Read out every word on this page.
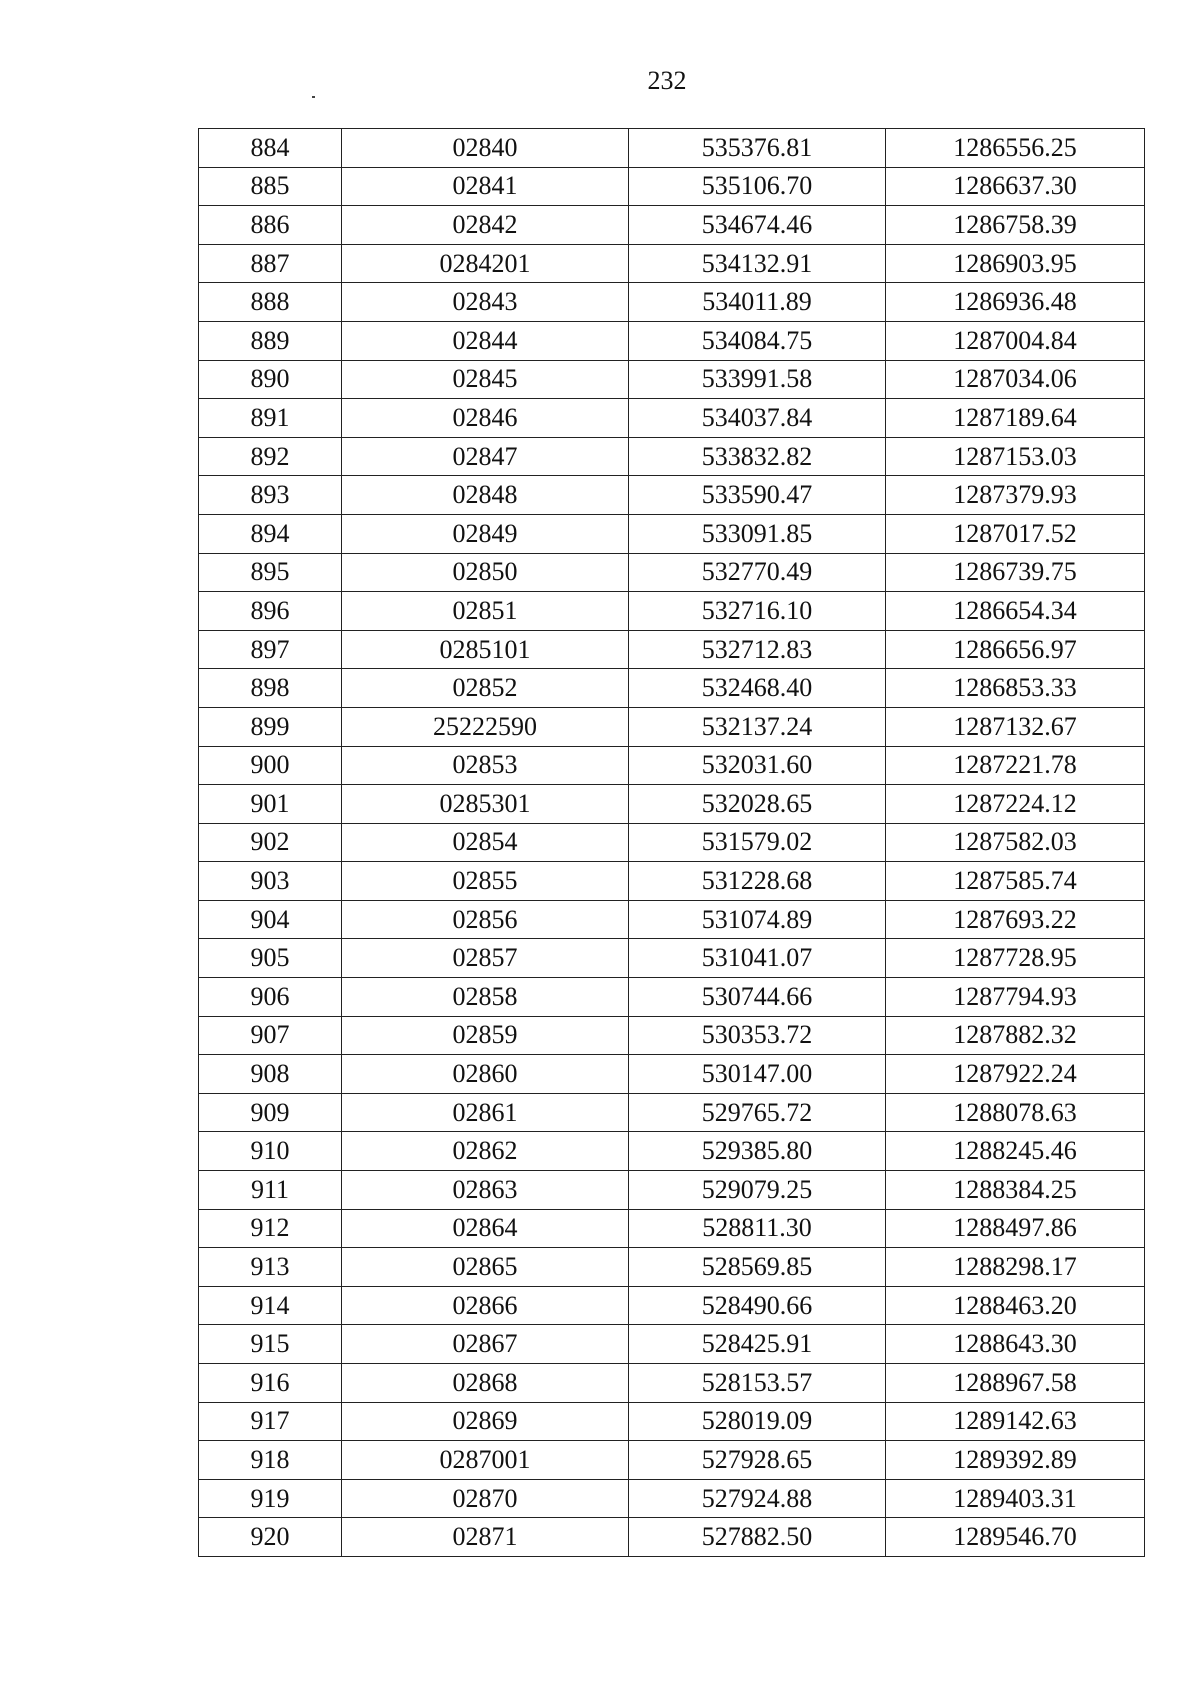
232
884	02840	535376.81	1286556.25
885	02841	535106.70	1286637.30
886	02842	534674.46	1286758.39
887	0284201	534132.91	1286903.95
888	02843	534011.89	1286936.48
889	02844	534084.75	1287004.84
890	02845	533991.58	1287034.06
891	02846	534037.84	1287189.64
892	02847	533832.82	1287153.03
893	02848	533590.47	1287379.93
894	02849	533091.85	1287017.52
895	02850	532770.49	1286739.75
896	02851	532716.10	1286654.34
897	0285101	532712.83	1286656.97
898	02852	532468.40	1286853.33
899	25222590	532137.24	1287132.67
900	02853	532031.60	1287221.78
901	0285301	532028.65	1287224.12
902	02854	531579.02	1287582.03
903	02855	531228.68	1287585.74
904	02856	531074.89	1287693.22
905	02857	531041.07	1287728.95
906	02858	530744.66	1287794.93
907	02859	530353.72	1287882.32
908	02860	530147.00	1287922.24
909	02861	529765.72	1288078.63
910	02862	529385.80	1288245.46
911	02863	529079.25	1288384.25
912	02864	528811.30	1288497.86
913	02865	528569.85	1288298.17
914	02866	528490.66	1288463.20
915	02867	528425.91	1288643.30
916	02868	528153.57	1288967.58
917	02869	528019.09	1289142.63
918	0287001	527928.65	1289392.89
919	02870	527924.88	1289403.31
920	02871	527882.50	1289546.70
